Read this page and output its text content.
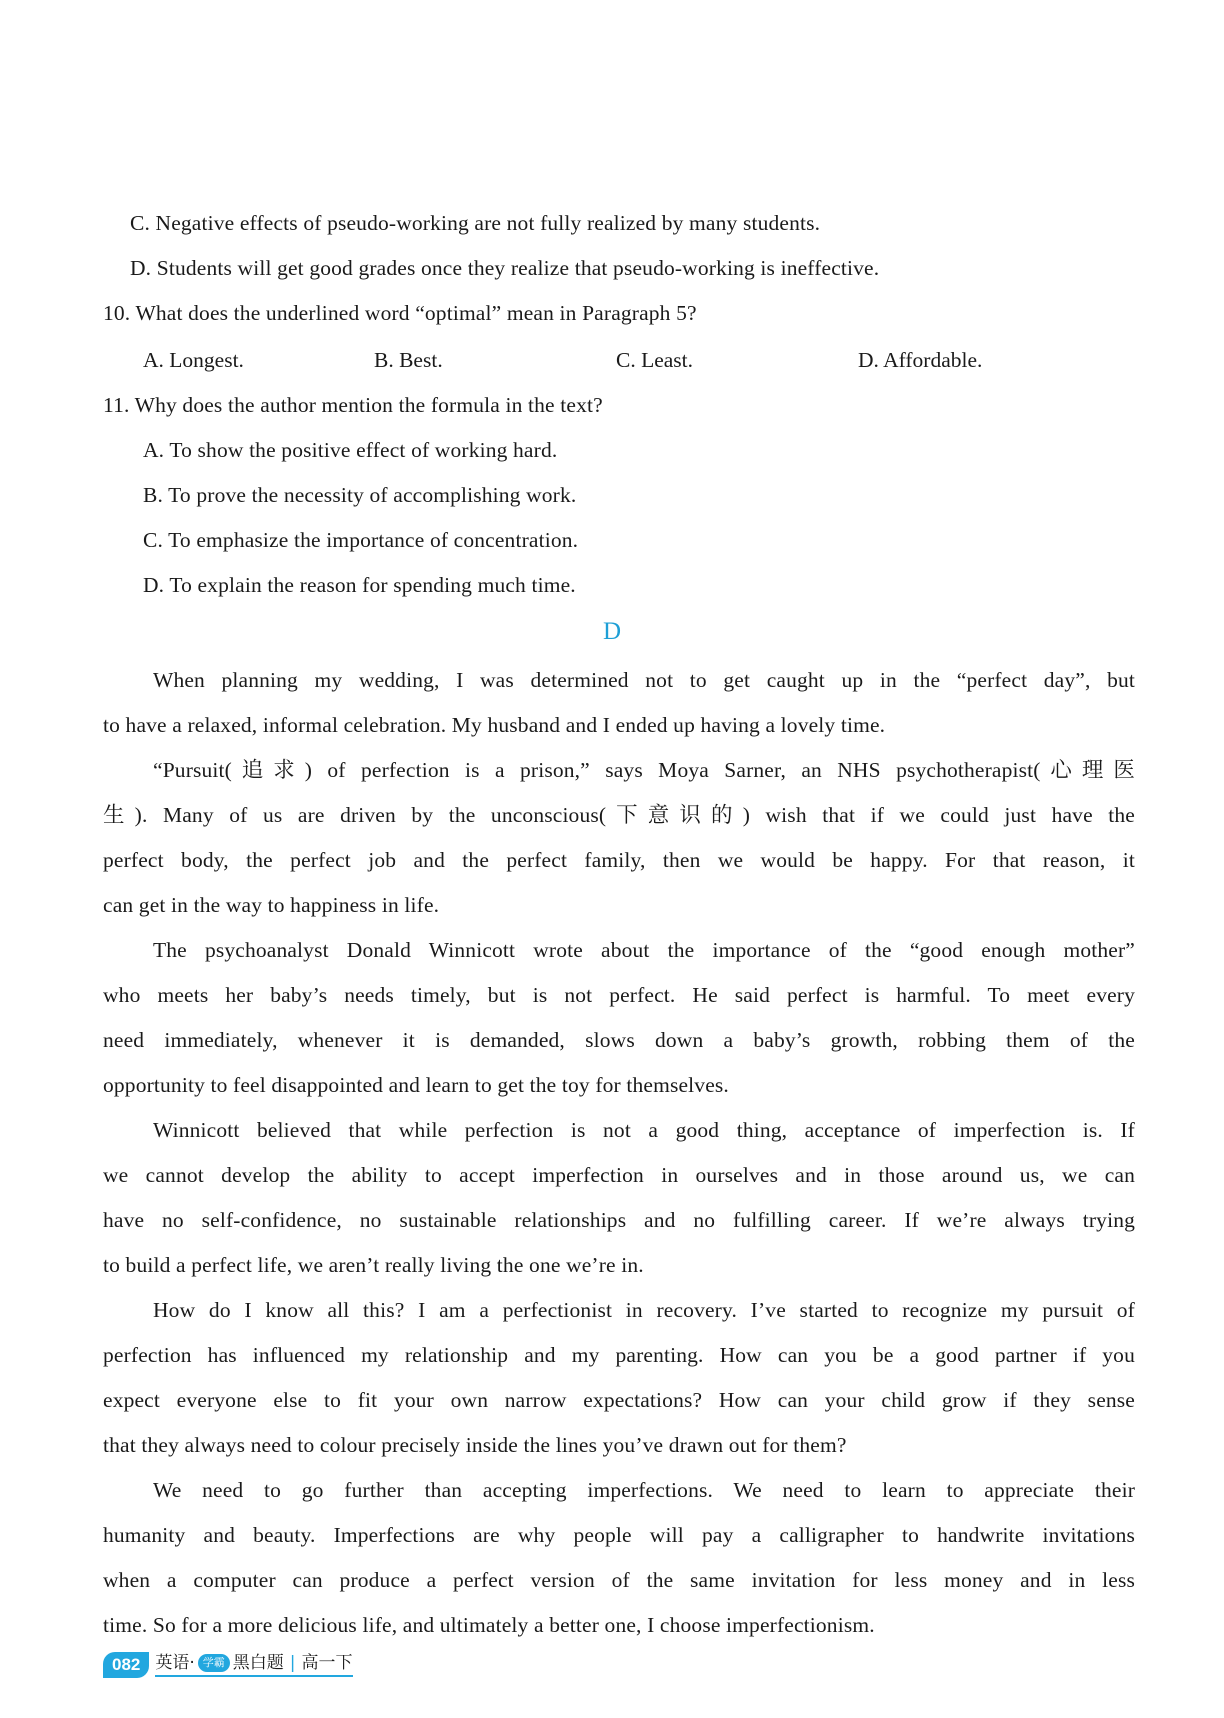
C. Negative effects of pseudo-working are not fully realized by many students.
D. Students will get good grades once they realize that pseudo-working is ineffective.
10. What does the underlined word “optimal” mean in Paragraph 5?
A. Longest.	B. Best.	C. Least.	D. Affordable.
11. Why does the author mention the formula in the text?
A. To show the positive effect of working hard.
B. To prove the necessity of accomplishing work.
C. To emphasize the importance of concentration.
D. To explain the reason for spending much time.
D
When planning my wedding, I was determined not to get caught up in the “perfect day”, but
to have a relaxed, informal celebration. My husband and I ended up having a lovely time.
“Pursuit(追求) of perfection is a prison,” says Moya Sarner, an NHS psychotherapist(心理医
生). Many of us are driven by the unconscious(下意识的) wish that if we could just have the
perfect body, the perfect job and the perfect family, then we would be happy. For that reason, it
can get in the way to happiness in life.
The psychoanalyst Donald Winnicott wrote about the importance of the “good enough mother”
who meets her baby’s needs timely, but is not perfect. He said perfect is harmful. To meet every
need immediately, whenever it is demanded, slows down a baby’s growth, robbing them of the
opportunity to feel disappointed and learn to get the toy for themselves.
Winnicott believed that while perfection is not a good thing, acceptance of imperfection is. If
we cannot develop the ability to accept imperfection in ourselves and in those around us, we can
have no self-confidence, no sustainable relationships and no fulfilling career. If we’re always trying
to build a perfect life, we aren’t really living the one we’re in.
How do I know all this? I am a perfectionist in recovery. I’ve started to recognize my pursuit of
perfection has influenced my relationship and my parenting. How can you be a good partner if you
expect everyone else to fit your own narrow expectations? How can your child grow if they sense
that they always need to colour precisely inside the lines you’ve drawn out for them?
We need to go further than accepting imperfections. We need to learn to appreciate their
humanity and beauty. Imperfections are why people will pay a calligrapher to handwrite invitations
when a computer can produce a perfect version of the same invitation for less money and in less
time. So for a more delicious life, and ultimately a better one, I choose imperfectionism.
082 英语 · 学霸 黑白题 | 高一下
